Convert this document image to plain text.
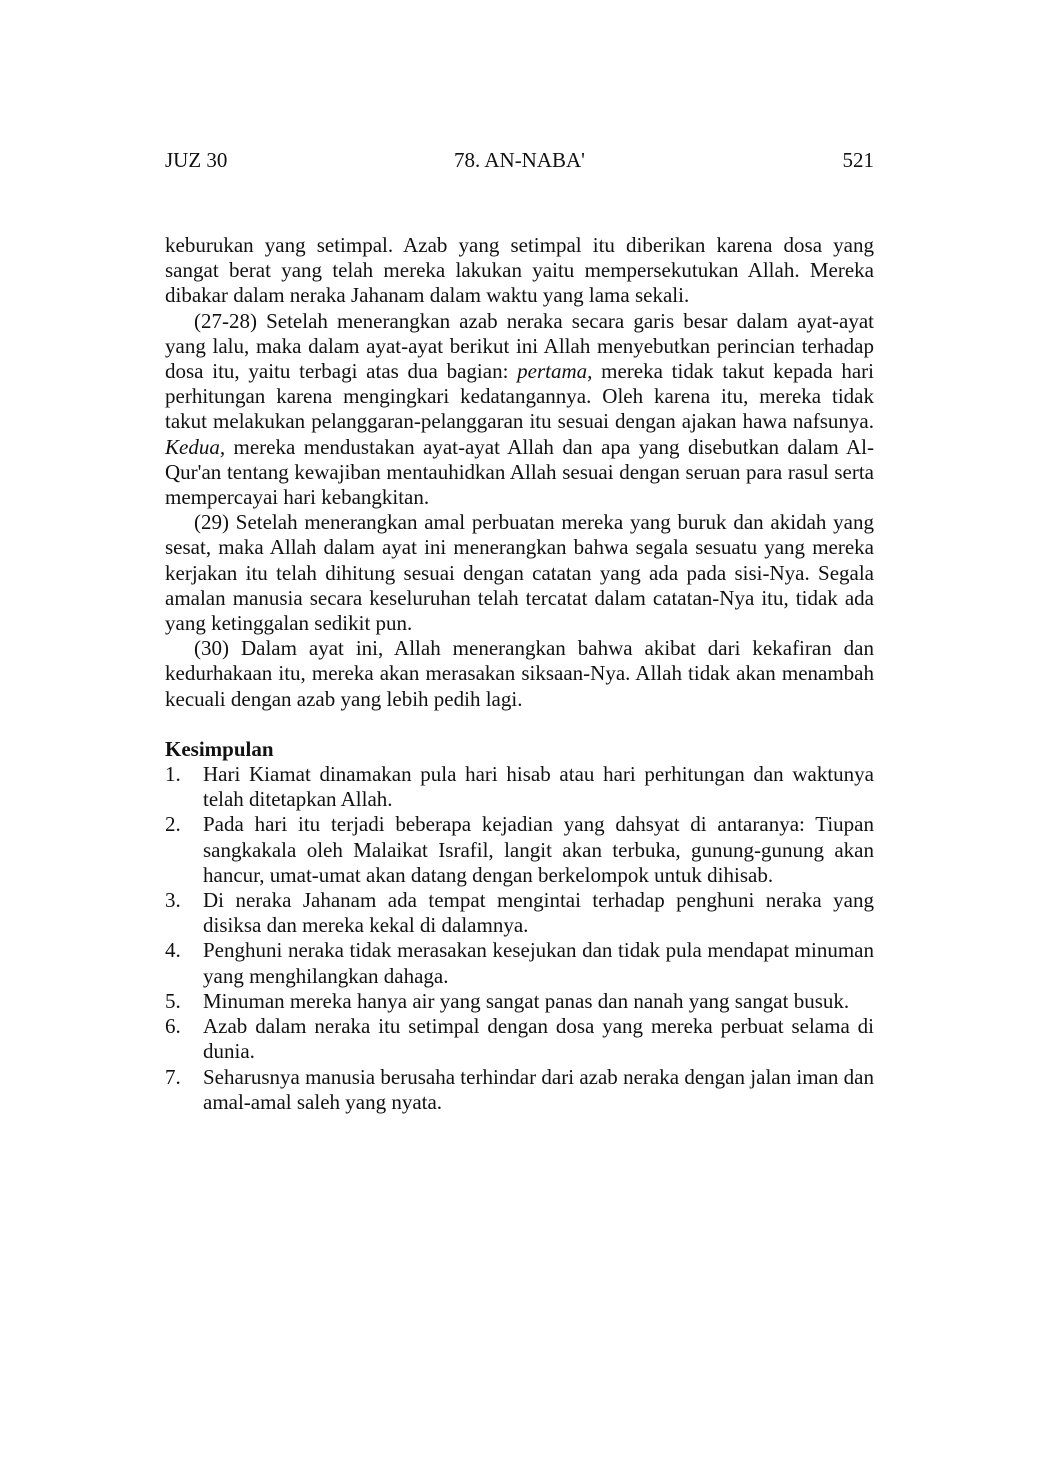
JUZ 30	78. AN-NABA'	521

keburukan yang setimpal. Azab yang setimpal itu diberikan karena dosa yang sangat berat yang telah mereka lakukan yaitu mempersekutukan Allah. Mereka dibakar dalam neraka Jahanam dalam waktu yang lama sekali.

(27-28) Setelah menerangkan azab neraka secara garis besar dalam ayat-ayat yang lalu, maka dalam ayat-ayat berikut ini Allah menyebutkan perincian terhadap dosa itu, yaitu terbagi atas dua bagian: pertama, mereka tidak takut kepada hari perhitungan karena mengingkari kedatangannya. Oleh karena itu, mereka tidak takut melakukan pelanggaran-pelanggaran itu sesuai dengan ajakan hawa nafsunya. Kedua, mereka mendustakan ayat-ayat Allah dan apa yang disebutkan dalam Al-Qur'an tentang kewajiban mentauhidkan Allah sesuai dengan seruan para rasul serta mempercayai hari kebangkitan.

(29) Setelah menerangkan amal perbuatan mereka yang buruk dan akidah yang sesat, maka Allah dalam ayat ini menerangkan bahwa segala sesuatu yang mereka kerjakan itu telah dihitung sesuai dengan catatan yang ada pada sisi-Nya. Segala amalan manusia secara keseluruhan telah tercatat dalam catatan-Nya itu, tidak ada yang ketinggalan sedikit pun.

(30) Dalam ayat ini, Allah menerangkan bahwa akibat dari kekafiran dan kedurhakaan itu, mereka akan merasakan siksaan-Nya. Allah tidak akan menambah kecuali dengan azab yang lebih pedih lagi.

Kesimpulan

1. Hari Kiamat dinamakan pula hari hisab atau hari perhitungan dan waktunya telah ditetapkan Allah.
2. Pada hari itu terjadi beberapa kejadian yang dahsyat di antaranya: Tiupan sangkakala oleh Malaikat Israfil, langit akan terbuka, gunung-gunung akan hancur, umat-umat akan datang dengan berkelompok untuk dihisab.
3. Di neraka Jahanam ada tempat mengintai terhadap penghuni neraka yang disiksa dan mereka kekal di dalamnya.
4. Penghuni neraka tidak merasakan kesejukan dan tidak pula mendapat minuman yang menghilangkan dahaga.
5. Minuman mereka hanya air yang sangat panas dan nanah yang sangat busuk.
6. Azab dalam neraka itu setimpal dengan dosa yang mereka perbuat selama di dunia.
7. Seharusnya manusia berusaha terhindar dari azab neraka dengan jalan iman dan amal-amal saleh yang nyata.
